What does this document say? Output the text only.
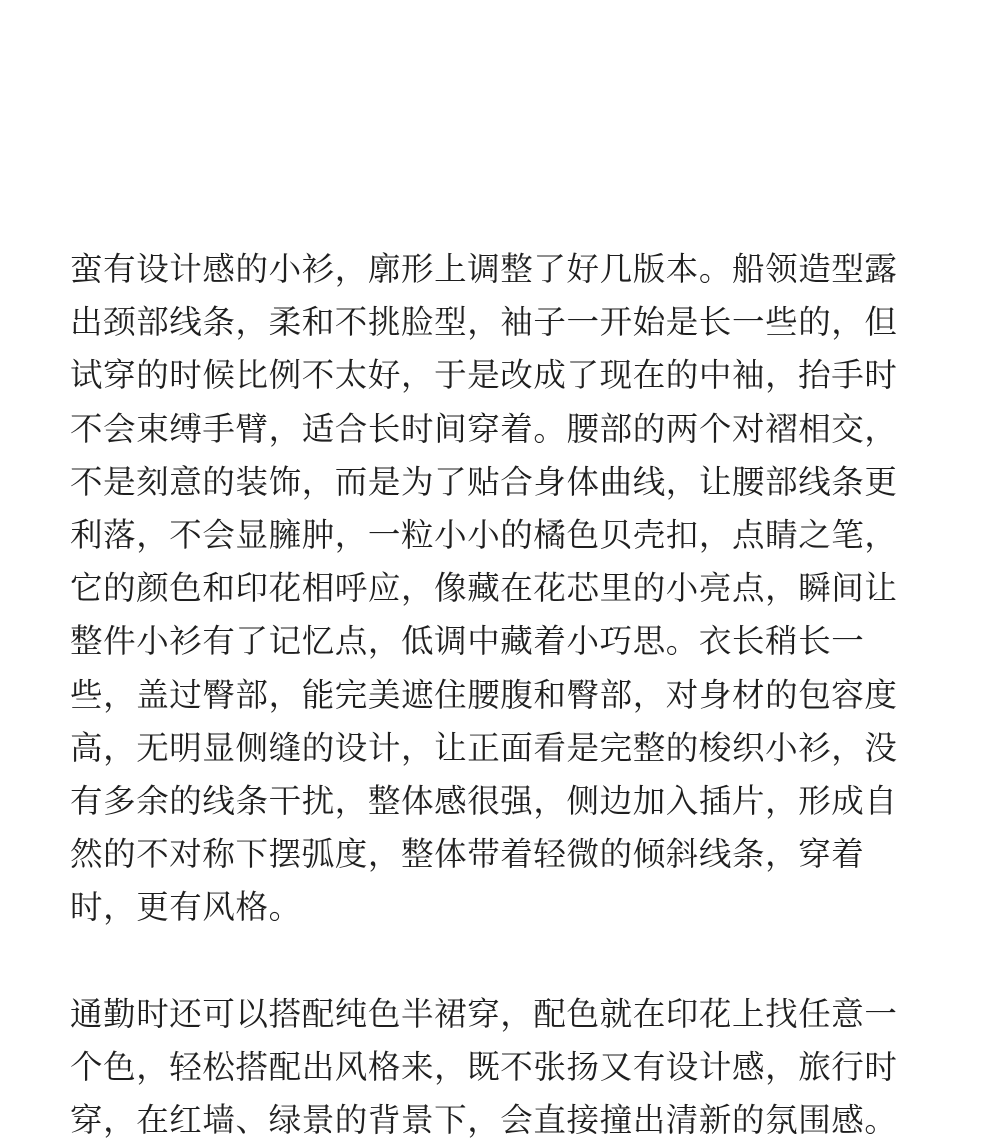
蛮有设计感的小衫，廓形上调整了好几版本。船领造型露出颈部线条，柔和不挑脸型，袖子一开始是长一些的，但试穿的时候比例不太好，于是改成了现在的中袖，抬手时不会束缚手臂，适合长时间穿着。腰部的两个对褶相交，不是刻意的装饰，而是为了贴合身体曲线，让腰部线条更利落，不会显臃肿，一粒小小的橘色贝壳扣，点睛之笔，它的颜色和印花相呼应，像藏在花芯里的小亮点，瞬间让整件小衫有了记忆点，低调中藏着小巧思。衣长稍长一些，盖过臀部，能完美遮住腰腹和臀部，对身材的包容度高，无明显侧缝的设计，让正面看是完整的梭织小衫，没有多余的线条干扰，整体感很强，侧边加入插片，形成自然的不对称下摆弧度，整体带着轻微的倾斜线条，穿着时，更有风格。

通勤时还可以搭配纯色半裙穿，配色就在印花上找任意一个色，轻松搭配出风格来，既不张扬又有设计感，旅行时穿，在红墙、绿景的背景下，会直接撞出清新的氛围感。
